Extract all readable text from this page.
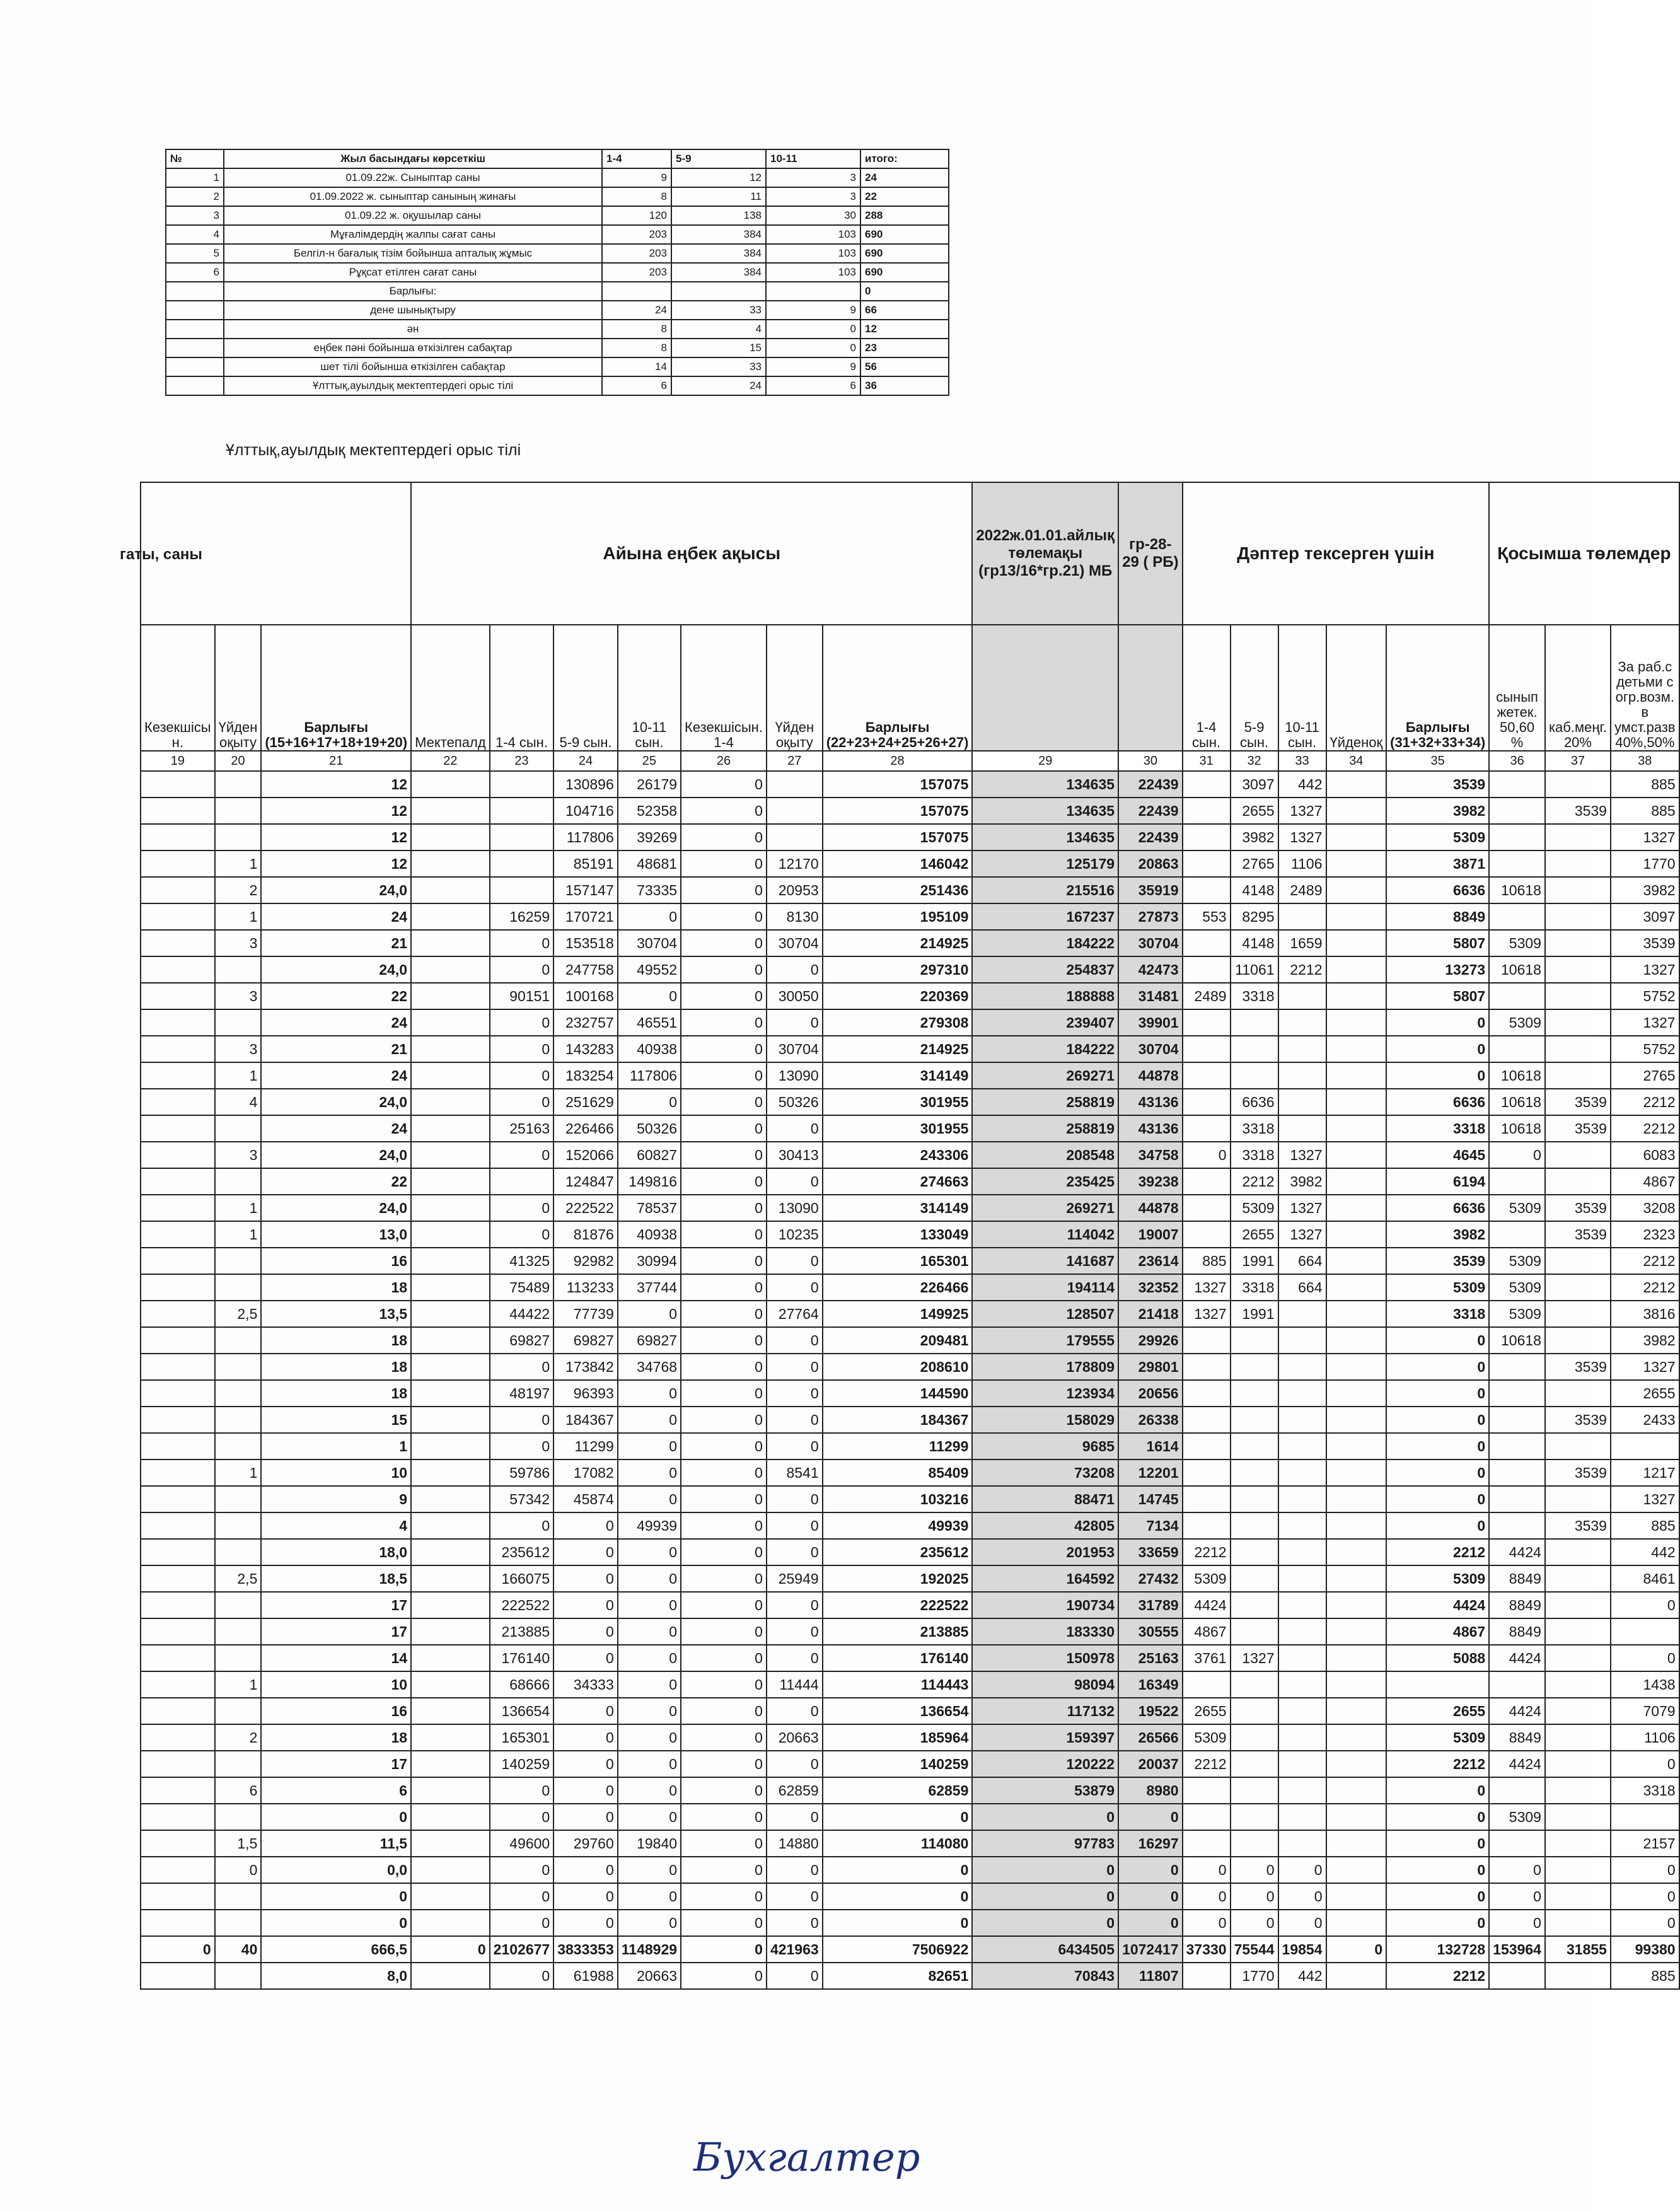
№	Жыл басындағы көрсеткіш	1-4	5-9	10-11	итого:
1	01.09.22ж. Сыныптар саны	9	12	3	24
2	01.09.2022 ж. сыныптар санының жинағы	8	11	3	22
3	01.09.22 ж. оқушылар саны	120	138	30	288
4	Мұғалімдердің жалпы сағат саны	203	384	103	690
5	Белгіл-н бағалық тізім бойынша апталық жұмыс	203	384	103	690
6	Рұқсат етілген сағат саны	203	384	103	690
	Барлығы:				0
	дене шынықтыру	24	33	9	66
	ән	8	4	0	12
	еңбек пәні бойынша өткізілген сабақтар	8	15	0	23
	шет тілі бойынша өткізілген сабақтар	14	33	9	56
	Ұлттық,ауылдық мектептердегі орыс тілі	6	24	6	36
Ұлттық,ауылдық мектептердегі орыс тілі
гаты, саны
			Айына еңбек ақысы							2022ж.01.01.айлық төлемақы (гр13/16*гр.21) МБ	гр-28-29 ( РБ)	Дәптер тексерген үшін					Қосымша төлемдер		
Кезекшісы н.	Үйден оқыту	Барлығы (15+16+17+18+19+20)	Мектепалд	1-4 сын.	5-9 сын.	10-11 сын.	Кезекшісын. 1-4	Үйден оқыту	Барлығы (22+23+24+25+26+27)			1-4 сын.	5-9 сын.	10-11 сын.	Үйденоқ	Барлығы (31+32+33+34)	сынып жетек. 50,60 %	каб.меңг. 20%	За раб.с детьми с огр.возм. в умст.разв 40%,50%
19	20	21	22	23	24	25	26	27	28	29	30	31	32	33	34	35	36	37	38
		12			130896	26179	0		157075	134635	22439		3097	442		3539			885
		12			104716	52358	0		157075	134635	22439		2655	1327		3982		3539	885
		12			117806	39269	0		157075	134635	22439		3982	1327		5309			1327
	1	12			85191	48681	0	12170	146042	125179	20863		2765	1106		3871			1770
	2	24,0			157147	73335	0	20953	251436	215516	35919		4148	2489		6636	10618		3982
	1	24		16259	170721	0	0	8130	195109	167237	27873	553	8295			8849			3097
	3	21		0	153518	30704	0	30704	214925	184222	30704		4148	1659		5807	5309		3539
		24,0		0	247758	49552	0	0	297310	254837	42473		11061	2212		13273	10618		1327
	3	22		90151	100168	0	0	30050	220369	188888	31481	2489	3318			5807			5752
		24		0	232757	46551	0	0	279308	239407	39901					0	5309		1327
	3	21		0	143283	40938	0	30704	214925	184222	30704					0			5752
	1	24		0	183254	117806	0	13090	314149	269271	44878					0	10618		2765
	4	24,0		0	251629	0	0	50326	301955	258819	43136		6636			6636	10618	3539	2212
		24		25163	226466	50326	0	0	301955	258819	43136		3318			3318	10618	3539	2212
	3	24,0		0	152066	60827	0	30413	243306	208548	34758	0	3318	1327		4645	0		6083
		22			124847	149816	0	0	274663	235425	39238		2212	3982		6194			4867
	1	24,0		0	222522	78537	0	13090	314149	269271	44878		5309	1327		6636	5309	3539	3208
	1	13,0		0	81876	40938	0	10235	133049	114042	19007		2655	1327		3982		3539	2323
		16		41325	92982	30994	0	0	165301	141687	23614	885	1991	664		3539	5309		2212
		18		75489	113233	37744	0	0	226466	194114	32352	1327	3318	664		5309	5309		2212
	2,5	13,5		44422	77739	0	0	27764	149925	128507	21418	1327	1991			3318	5309		3816
		18		69827	69827	69827	0	0	209481	179555	29926					0	10618		3982
		18		0	173842	34768	0	0	208610	178809	29801					0		3539	1327
		18		48197	96393	0	0	0	144590	123934	20656					0			2655
		15		0	184367	0	0	0	184367	158029	26338					0		3539	2433
		1		0	11299	0	0	0	11299	9685	1614					0			
	1	10		59786	17082	0	0	8541	85409	73208	12201					0		3539	1217
		9		57342	45874	0	0	0	103216	88471	14745					0			1327
		4		0	0	49939	0	0	49939	42805	7134					0		3539	885
		18,0		235612	0	0	0	0	235612	201953	33659	2212				2212	4424		442
	2,5	18,5		166075	0	0	0	25949	192025	164592	27432	5309				5309	8849		8461
		17		222522	0	0	0	0	222522	190734	31789	4424				4424	8849		0
		17		213885	0	0	0	0	213885	183330	30555	4867				4867	8849		
		14		176140	0	0	0	0	176140	150978	25163	3761	1327			5088	4424		0
	1	10		68666	34333	0	0	11444	114443	98094	16349								1438
		16		136654	0	0	0	0	136654	117132	19522	2655				2655	4424		7079
	2	18		165301	0	0	0	20663	185964	159397	26566	5309				5309	8849		1106
		17		140259	0	0	0	0	140259	120222	20037	2212				2212	4424		0
	6	6		0	0	0	0	62859	62859	53879	8980					0			3318
		0		0	0	0	0	0	0	0	0					0	5309		
	1,5	11,5		49600	29760	19840	0	14880	114080	97783	16297					0			2157
	0	0,0		0	0	0	0	0	0	0	0	0	0	0		0	0		0
		0		0	0	0	0	0	0	0	0	0	0	0		0	0		0
		0		0	0	0	0	0	0	0	0	0	0	0		0	0		0
0	40	666,5	0	2102677	3833353	1148929	0	421963	7506922	6434505	1072417	37330	75544	19854	0	132728	153964	31855	99380
		8,0		0	61988	20663	0	0	82651	70843	11807		1770	442		2212			885
Бухгалтер
